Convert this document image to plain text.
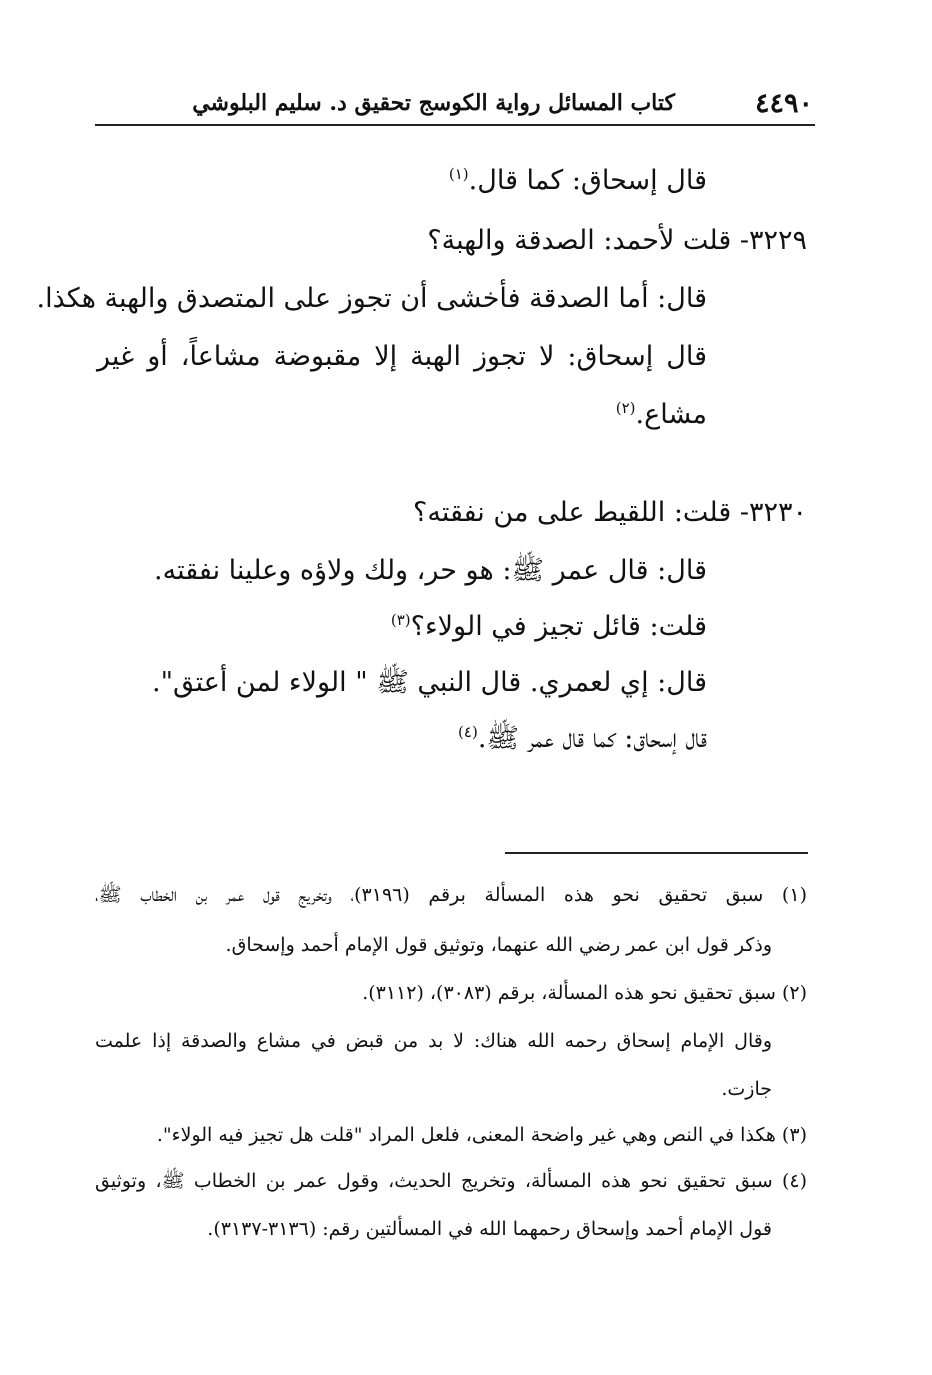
٤٤٩٠
كتاب المسائل رواية الكوسج تحقيق د. سليم البلوشي
قال إسحاق: كما قال.$^{(١)}$
٣٢٢٩- قلت لأحمد: الصدقة والهبة؟
قال: أما الصدقة فأخشى أن تجوز على المتصدق والهبة هكذا.
قال إسحاق: لا تجوز الهبة إلا مقبوضة مشاعاً، أو غير
مشاع.$^{(٢)}$
٣٢٣٠- قلت: اللقيط على من نفقته؟
قال: قال عمر ﷺ: هو حر، ولك ولاؤه وعلينا نفقته.
قلت: قائل تجيز في الولاء؟$^{(٣)}$
قال: إي لعمري. قال النبي ﷺ " الولاء لمن أعتق".
قال إسحاق: كما قال عمر ﷺ.$^{(٤)}$
(١) سبق تحقيق نحو هذه المسألة برقم (٣١٩٦)، وتخريج قول عمر بن الخطاب ﷺ،
وذكر قول ابن عمر رضي الله عنهما، وتوثيق قول الإمام أحمد وإسحاق.
(٢) سبق تحقيق نحو هذه المسألة، برقم (٣٠٨٣)، (٣١١٢).
وقال الإمام إسحاق رحمه الله هناك: لا بد من قبض في مشاع والصدقة إذا علمت
جازت.
(٣) هكذا في النص وهي غير واضحة المعنى، فلعل المراد "قلت هل تجيز فيه الولاء".
(٤) سبق تحقيق نحو هذه المسألة، وتخريج الحديث، وقول عمر بن الخطاب ﷺ، وتوثيق
قول الإمام أحمد وإسحاق رحمهما الله في المسألتين رقم: (٣١٣٦-٣١٣٧).
